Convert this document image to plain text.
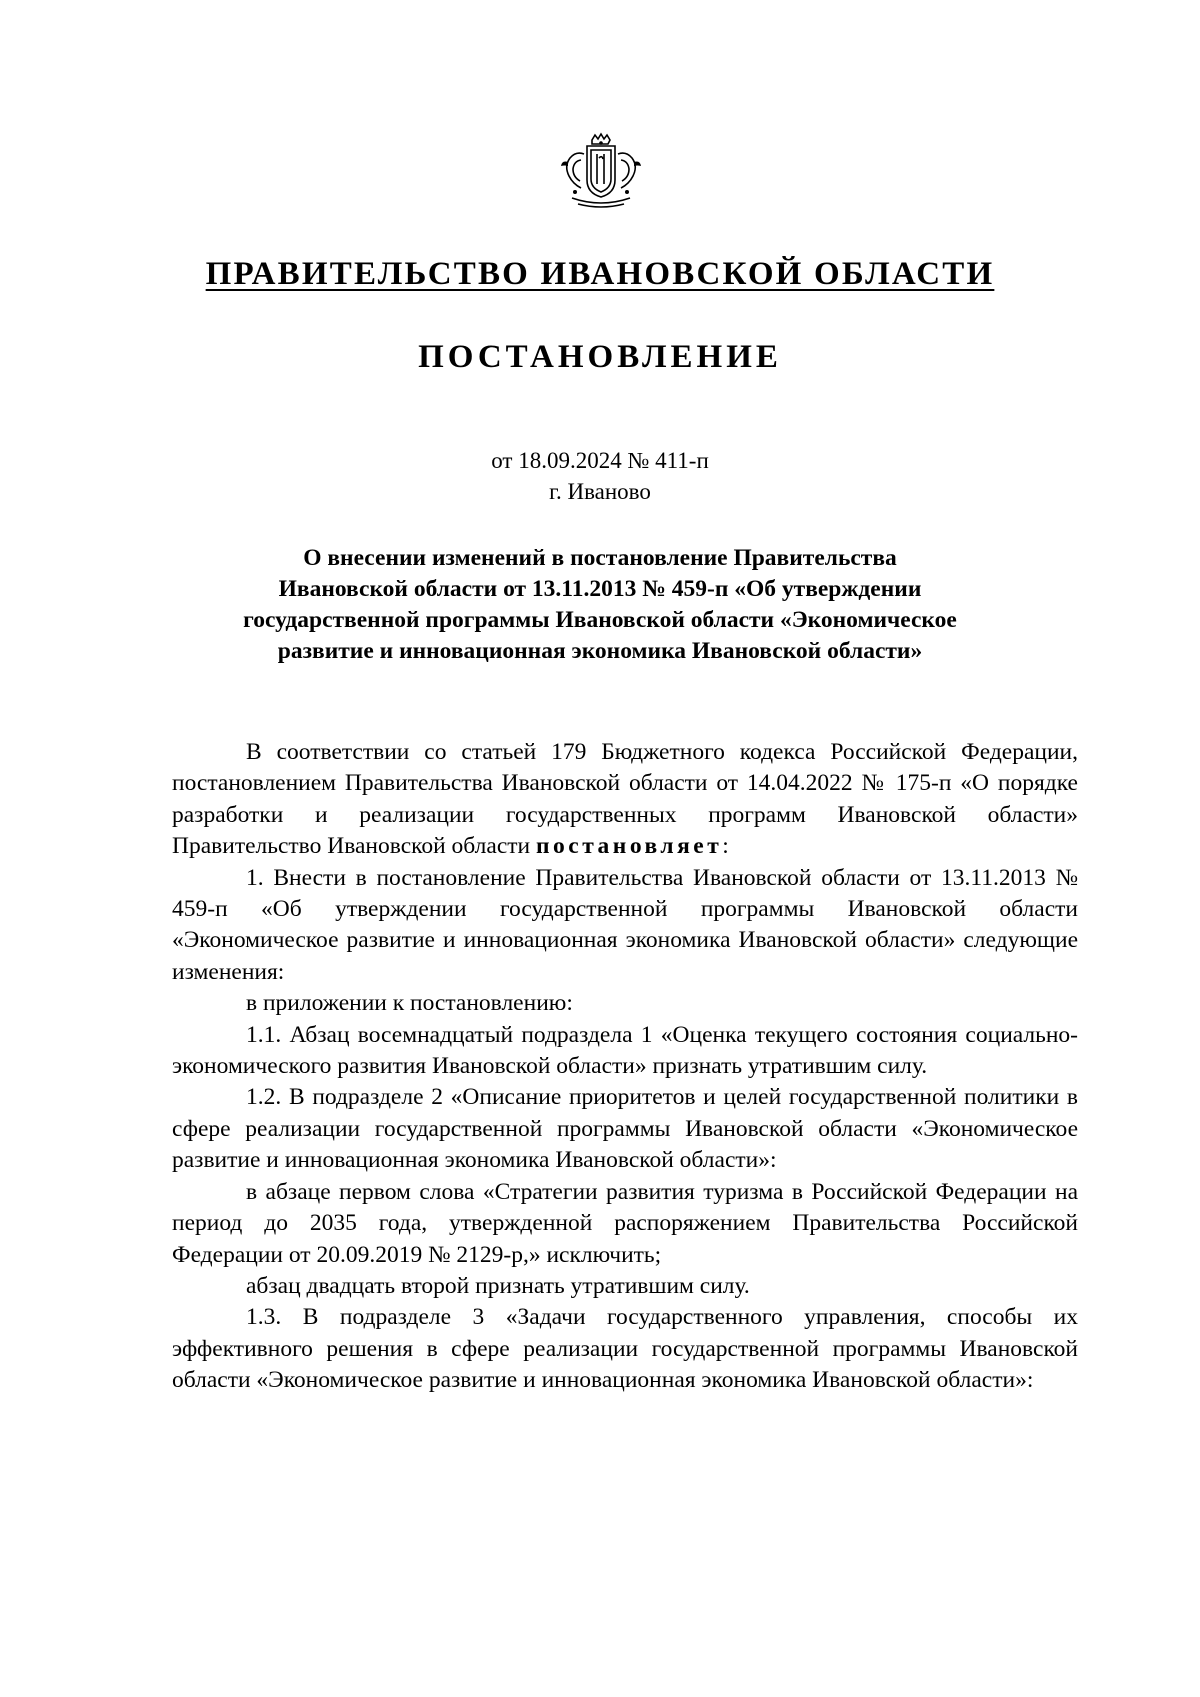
ПРАВИТЕЛЬСТВО ИВАНОВСКОЙ ОБЛАСТИ
ПОСТАНОВЛЕНИЕ
от 18.09.2024 № 411-п
г. Иваново
О внесении изменений в постановление Правительства
Ивановской области от 13.11.2013 № 459-п «Об утверждении
государственной программы Ивановской области «Экономическое
развитие и инновационная экономика Ивановской области»

В соответствии со статьей 179 Бюджетного кодекса Российской Федерации, постановлением Правительства Ивановской области от 14.04.2022 № 175-п «О порядке разработки и реализации государственных программ Ивановской области» Правительство Ивановской области постановляет:

1. Внести в постановление Правительства Ивановской области от 13.11.2013 № 459-п «Об утверждении государственной программы Ивановской области «Экономическое развитие и инновационная экономика Ивановской области» следующие изменения:

в приложении к постановлению:

1.1. Абзац восемнадцатый подраздела 1 «Оценка текущего состояния социально-экономического развития Ивановской области» признать утратившим силу.

1.2. В подразделе 2 «Описание приоритетов и целей государственной политики в сфере реализации государственной программы Ивановской области «Экономическое развитие и инновационная экономика Ивановской области»:

в абзаце первом слова «Стратегии развития туризма в Российской Федерации на период до 2035 года, утвержденной распоряжением Правительства Российской Федерации от 20.09.2019 № 2129-р,» исключить;

абзац двадцать второй признать утратившим силу.

1.3. В подразделе 3 «Задачи государственного управления, способы их эффективного решения в сфере реализации государственной программы Ивановской области «Экономическое развитие и инновационная экономика Ивановской области»:
